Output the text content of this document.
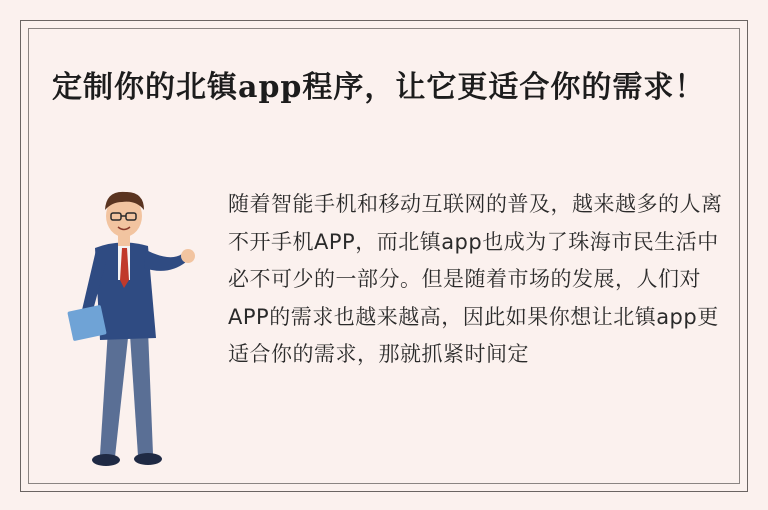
定制你的北镇app程序，让它更适合你的需求！
随着智能手机和移动互联网的普及，越来越多的人离不开手机APP，而北镇app也成为了珠海市民生活中必不可少的一部分。但是随着市场的发展，人们对APP的需求也越来越高，因此如果你想让北镇app更适合你的需求，那就抓紧时间定
